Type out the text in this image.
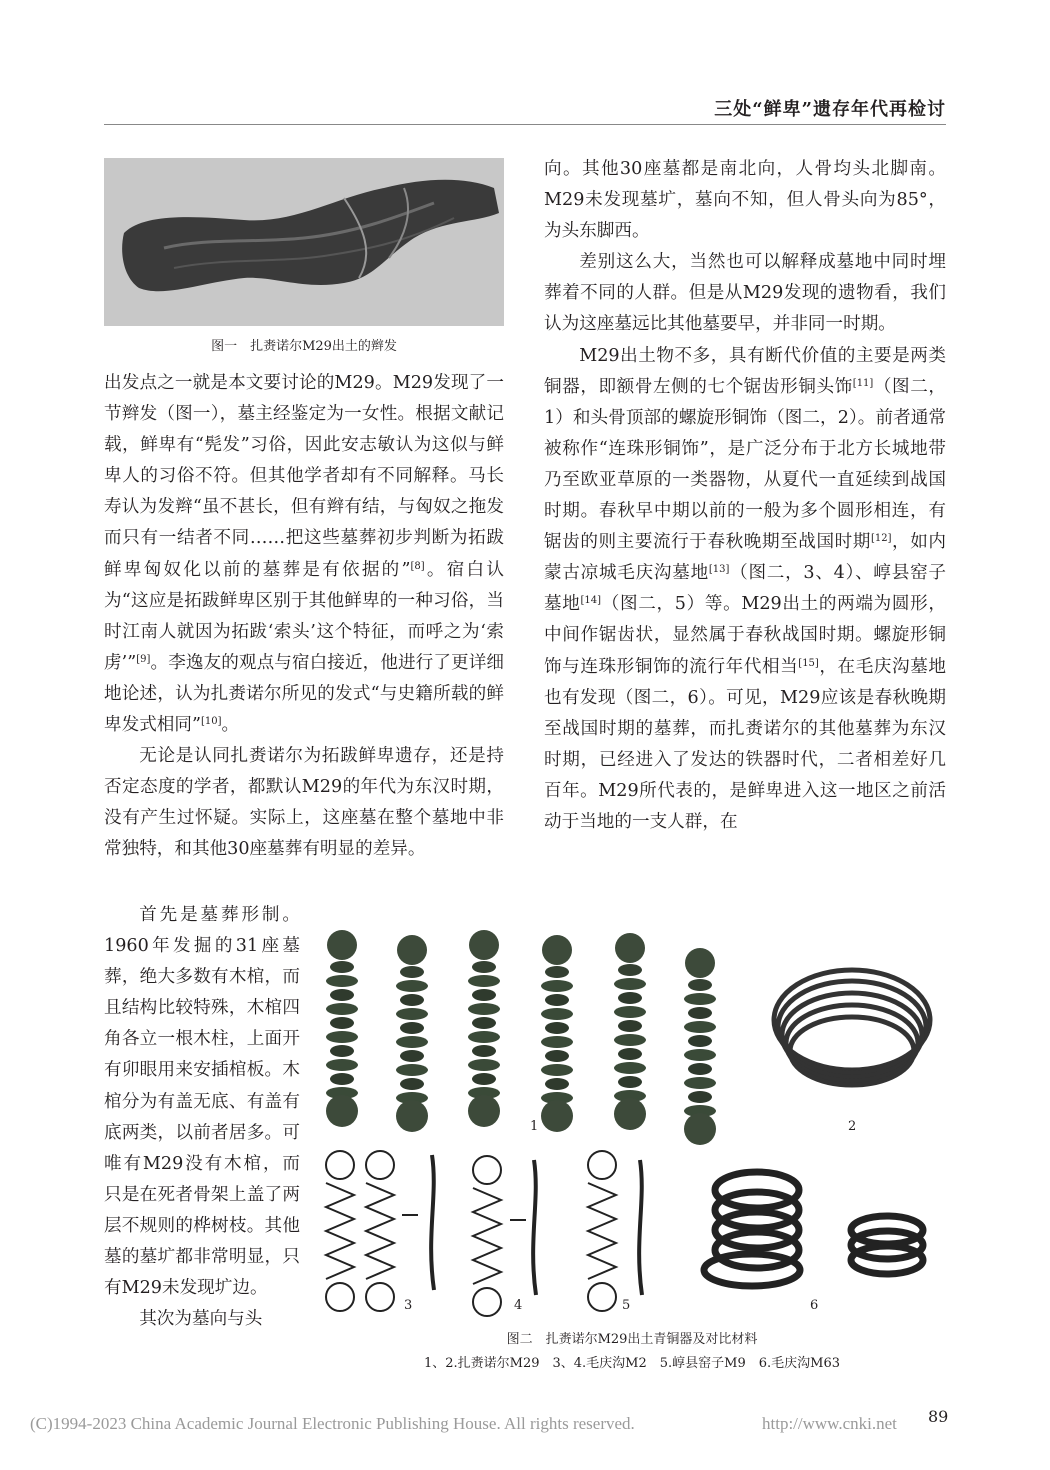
三处“鲜卑”遗存年代再检讨
图一　扎赉诺尔M29出土的辫发

出发点之一就是本文要讨论的M29。M29发现了一节辫发（图一），墓主经鉴定为一女性。根据文献记载，鲜卑有“髡发”习俗，因此安志敏认为这似与鲜卑人的习俗不符。但其他学者却有不同解释。马长寿认为发辫“虽不甚长，但有辫有结，与匈奴之拖发而只有一结者不同……把这些墓葬初步判断为拓跋鲜卑匈奴化以前的墓葬是有依据的”[8]。宿白认为“这应是拓跋鲜卑区别于其他鲜卑的一种习俗，当时江南人就因为拓跋‘索头’这个特征，而呼之为‘索虏’”[9]。李逸友的观点与宿白接近，他进行了更详细地论述，认为扎赉诺尔所见的发式“与史籍所载的鲜卑发式相同”[10]。

无论是认同扎赉诺尔为拓跋鲜卑遗存，还是持否定态度的学者，都默认M29的年代为东汉时期，没有产生过怀疑。实际上，这座墓在整个墓地中非常独特，和其他30座墓葬有明显的差异。

首先是墓葬形制。1960年发掘的31座墓葬，绝大多数有木棺，而且结构比较特殊，木棺四角各立一根木柱，上面开有卯眼用来安插棺板。木棺分为有盖无底、有盖有底两类，以前者居多。可唯有M29没有木棺，而只是在死者骨架上盖了两层不规则的桦树枝。其他墓的墓圹都非常明显，只有M29未发现圹边。

其次为墓向与头

向。其他30座墓都是南北向，人骨均头北脚南。M29未发现墓圹，墓向不知，但人骨头向为85°，为头东脚西。

差别这么大，当然也可以解释成墓地中同时埋葬着不同的人群。但是从M29发现的遗物看，我们认为这座墓远比其他墓要早，并非同一时期。

M29出土物不多，具有断代价值的主要是两类铜器，即额骨左侧的七个锯齿形铜头饰[11]（图二，1）和头骨顶部的螺旋形铜饰（图二，2）。前者通常被称作“连珠形铜饰”，是广泛分布于北方长城地带乃至欧亚草原的一类器物，从夏代一直延续到战国时期。春秋早中期以前的一般为多个圆形相连，有锯齿的则主要流行于春秋晚期至战国时期[12]，如内蒙古凉城毛庆沟墓地[13]（图二，3、4）、崞县窑子墓地[14]（图二，5）等。M29出土的两端为圆形，中间作锯齿状，显然属于春秋战国时期。螺旋形铜饰与连珠形铜饰的流行年代相当[15]，在毛庆沟墓地也有发现（图二，6）。可见，M29应该是春秋晚期至战国时期的墓葬，而扎赉诺尔的其他墓葬为东汉时期，已经进入了发达的铁器时代，二者相差好几百年。M29所代表的，是鲜卑进入这一地区之前活动于当地的一支人群，在

1	2
3	4	5	6
图二　扎赉诺尔M29出土青铜器及对比材料
1、2.扎赉诺尔M29　3、4.毛庆沟M2　5.崞县窑子M9　6.毛庆沟M63
(C)1994-2023 China Academic Journal Electronic Publishing House. All rights reserved.	http://www.cnki.net 89
